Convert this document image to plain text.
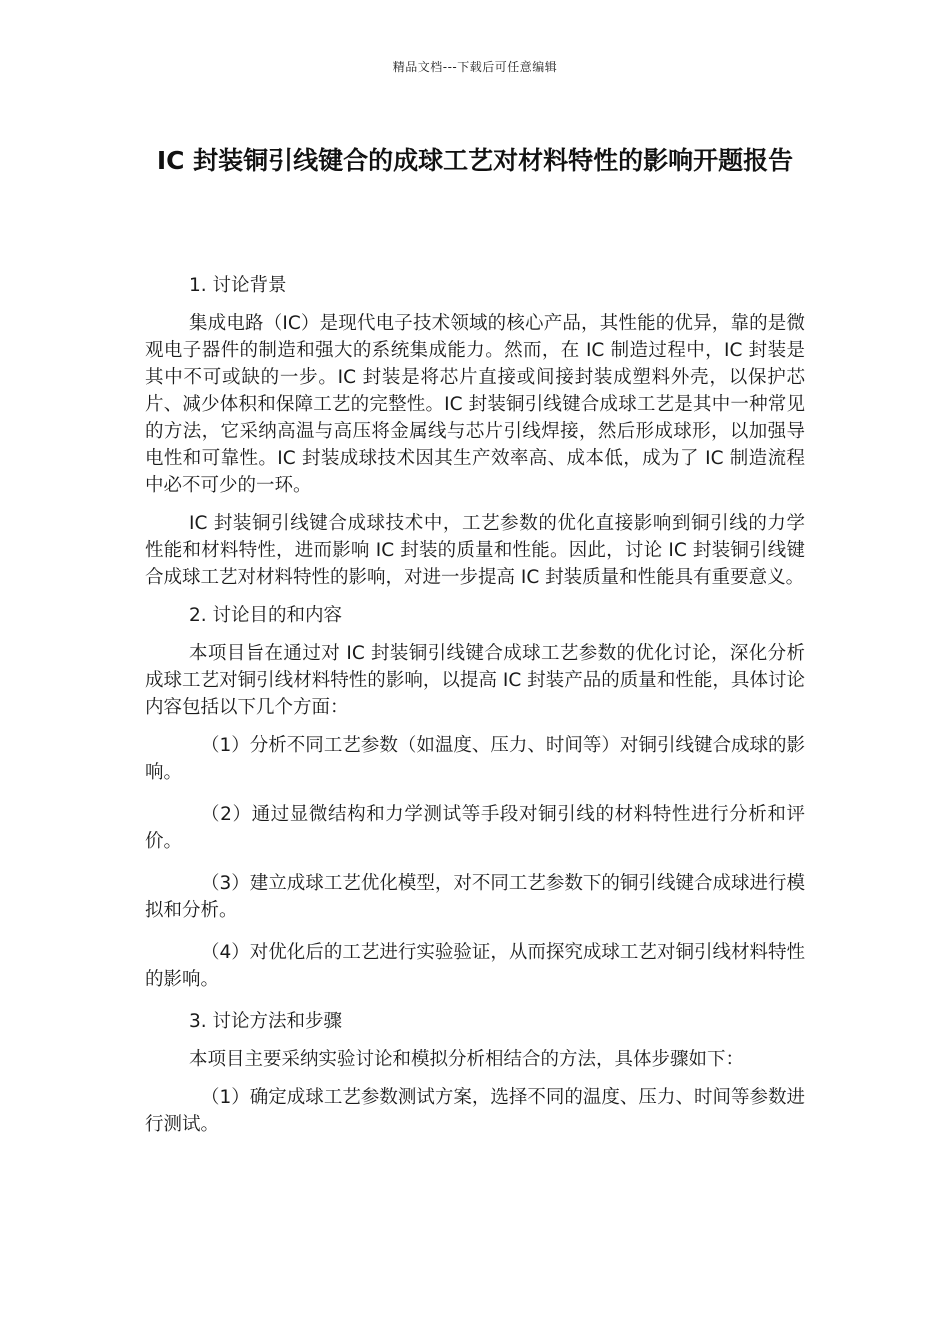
精品文档---下载后可任意编辑
IC 封装铜引线键合的成球工艺对材料特性的影响开题报告

1. 讨论背景

集成电路（IC）是现代电子技术领域的核心产品，其性能的优异，靠的是微观电子器件的制造和强大的系统集成能力。然而，在 IC 制造过程中，IC 封装是其中不可或缺的一步。IC 封装是将芯片直接或间接封装成塑料外壳，以保护芯片、减少体积和保障工艺的完整性。IC 封装铜引线键合成球工艺是其中一种常见的方法，它采纳高温与高压将金属线与芯片引线焊接，然后形成球形，以加强导电性和可靠性。IC 封装成球技术因其生产效率高、成本低，成为了 IC 制造流程中必不可少的一环。

IC 封装铜引线键合成球技术中，工艺参数的优化直接影响到铜引线的力学性能和材料特性，进而影响 IC 封装的质量和性能。因此，讨论 IC 封装铜引线键合成球工艺对材料特性的影响，对进一步提高 IC 封装质量和性能具有重要意义。

2. 讨论目的和内容

本项目旨在通过对 IC 封装铜引线键合成球工艺参数的优化讨论，深化分析成球工艺对铜引线材料特性的影响，以提高 IC 封装产品的质量和性能，具体讨论内容包括以下几个方面：

（1）分析不同工艺参数（如温度、压力、时间等）对铜引线键合成球的影响。

（2）通过显微结构和力学测试等手段对铜引线的材料特性进行分析和评价。

（3）建立成球工艺优化模型，对不同工艺参数下的铜引线键合成球进行模拟和分析。

（4）对优化后的工艺进行实验验证，从而探究成球工艺对铜引线材料特性的影响。

3. 讨论方法和步骤

本项目主要采纳实验讨论和模拟分析相结合的方法，具体步骤如下：

（1）确定成球工艺参数测试方案，选择不同的温度、压力、时间等参数进行测试。
